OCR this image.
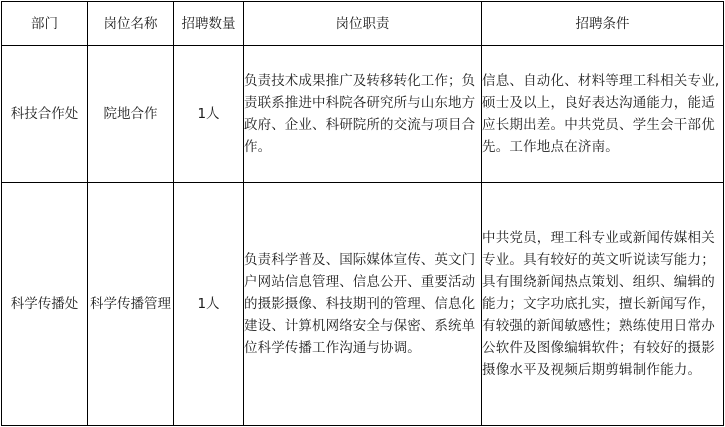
部门	岗位名称	招聘数量	岗位职责	招聘条件
科技合作处	院地合作	1人	负责技术成果推广及转移转化工作；负责联系推进中科院各研究所与山东地方政府、企业、科研院所的交流与项目合作。	信息、自动化、材料等理工科相关专业,硕士及以上，良好表达沟通能力，能适应长期出差。中共党员、学生会干部优先。工作地点在济南。
科学传播处	科学传播管理	1人	负责科学普及、国际媒体宣传、英文门户网站信息管理、信息公开、重要活动的摄影摄像、科技期刊的管理、信息化建设、计算机网络安全与保密、系统单位科学传播工作沟通与协调。	中共党员，理工科专业或新闻传媒相关专业。具有较好的英文听说读写能力；具有围绕新闻热点策划、组织、编辑的能力；文字功底扎实，擅长新闻写作，有较强的新闻敏感性；熟练使用日常办公软件及图像编辑软件；有较好的摄影摄像水平及视频后期剪辑制作能力。
